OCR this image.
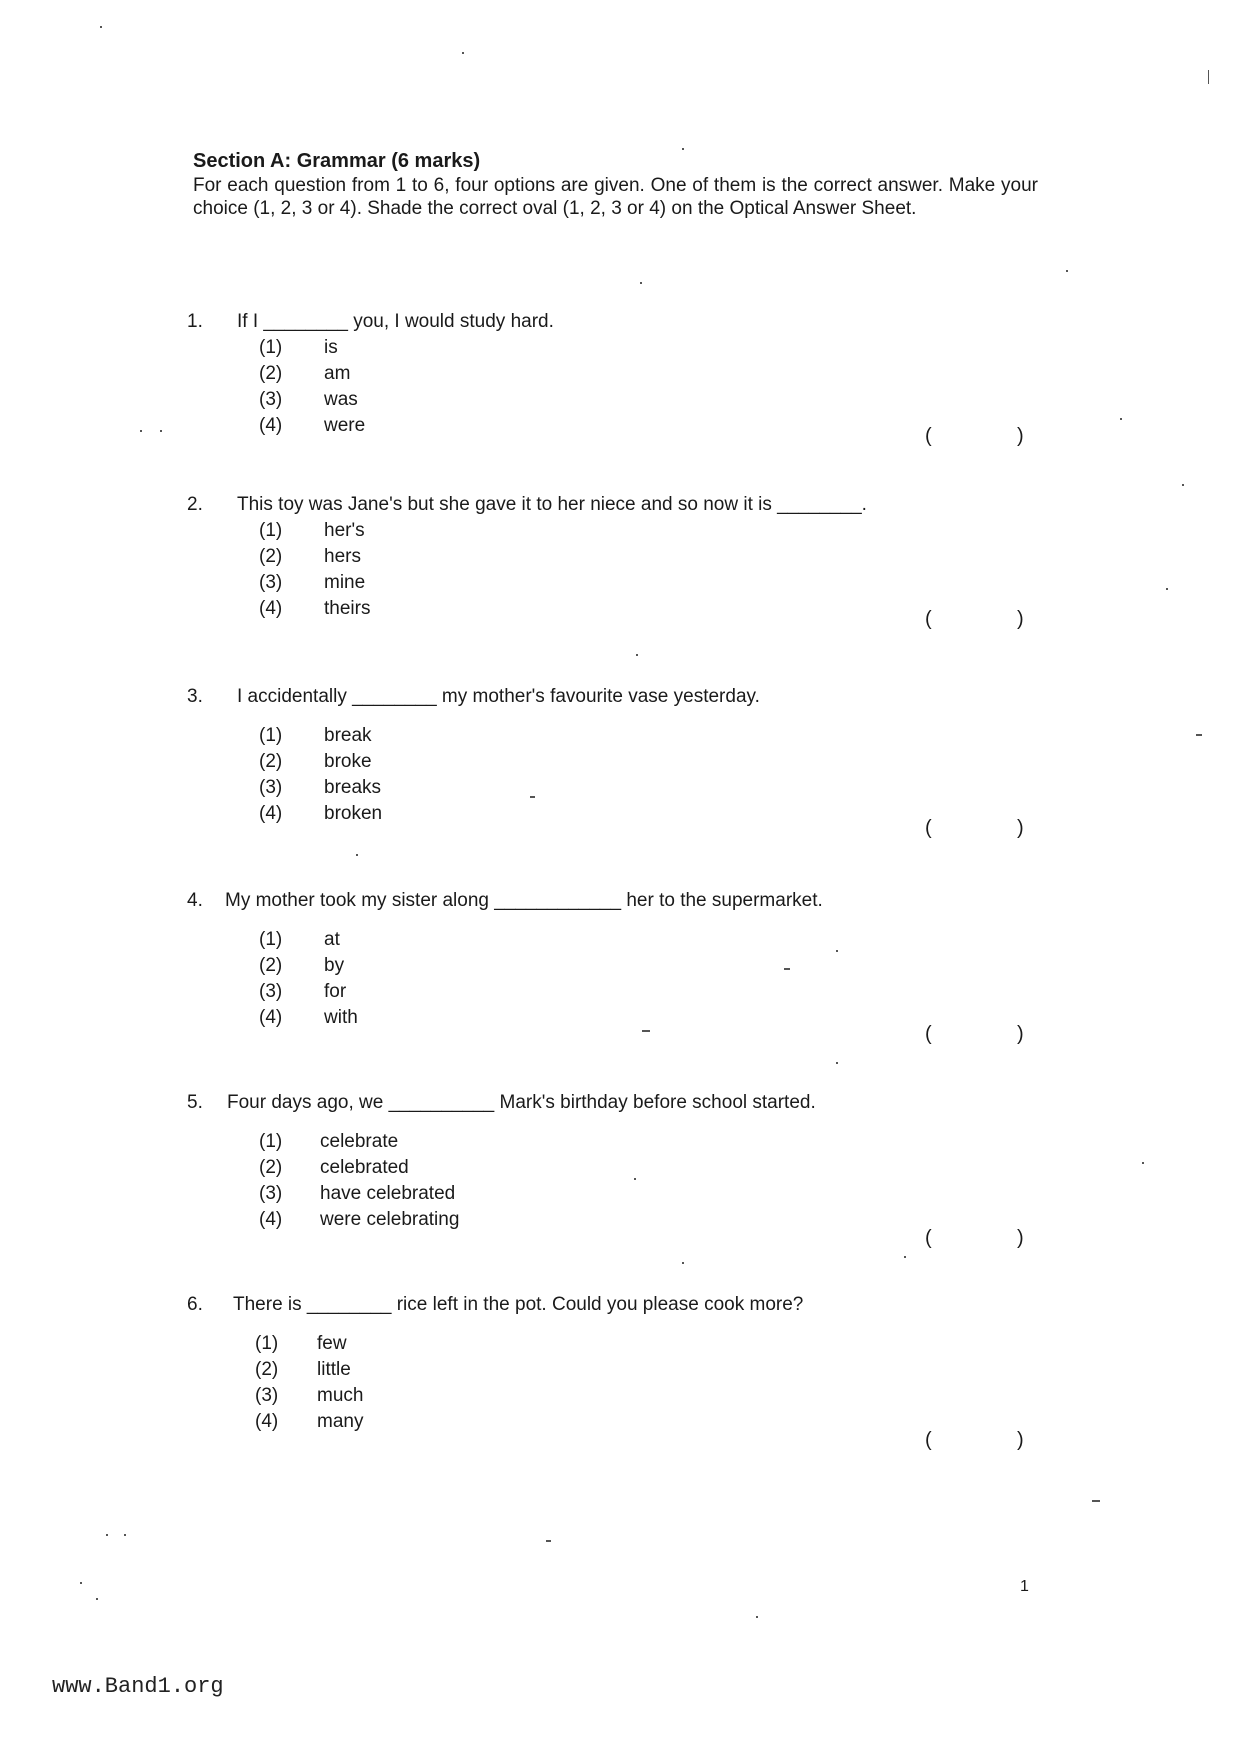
Section A: Grammar (6 marks)
For each question from 1 to 6, four options are given. One of them is the correct answer. Make your choice (1, 2, 3 or 4). Shade the correct oval (1, 2, 3 or 4) on the Optical Answer Sheet.
1. If I ________ you, I would study hard.
(1) is
(2) am
(3) was
(4) were	(	)
2. This toy was Jane's but she gave it to her niece and so now it is ________.
(1) her's
(2) hers
(3) mine
(4) theirs	(	)
3. I accidentally ________ my mother's favourite vase yesterday.
(1) break
(2) broke
(3) breaks
(4) broken
(	)
4. My mother took my sister along ____________ her to the supermarket.
(1) at
(2) by
(3) for
(4) with
(	)
5. Four days ago, we __________ Mark's birthday before school started.
(1) celebrate
(2) celebrated
(3) have celebrated
(4) were celebrating
(	)
6. There is ________ rice left in the pot. Could you please cook more?
(1) few
(2) little
(3) much
(4) many
(	)
1
www.Band1.org
